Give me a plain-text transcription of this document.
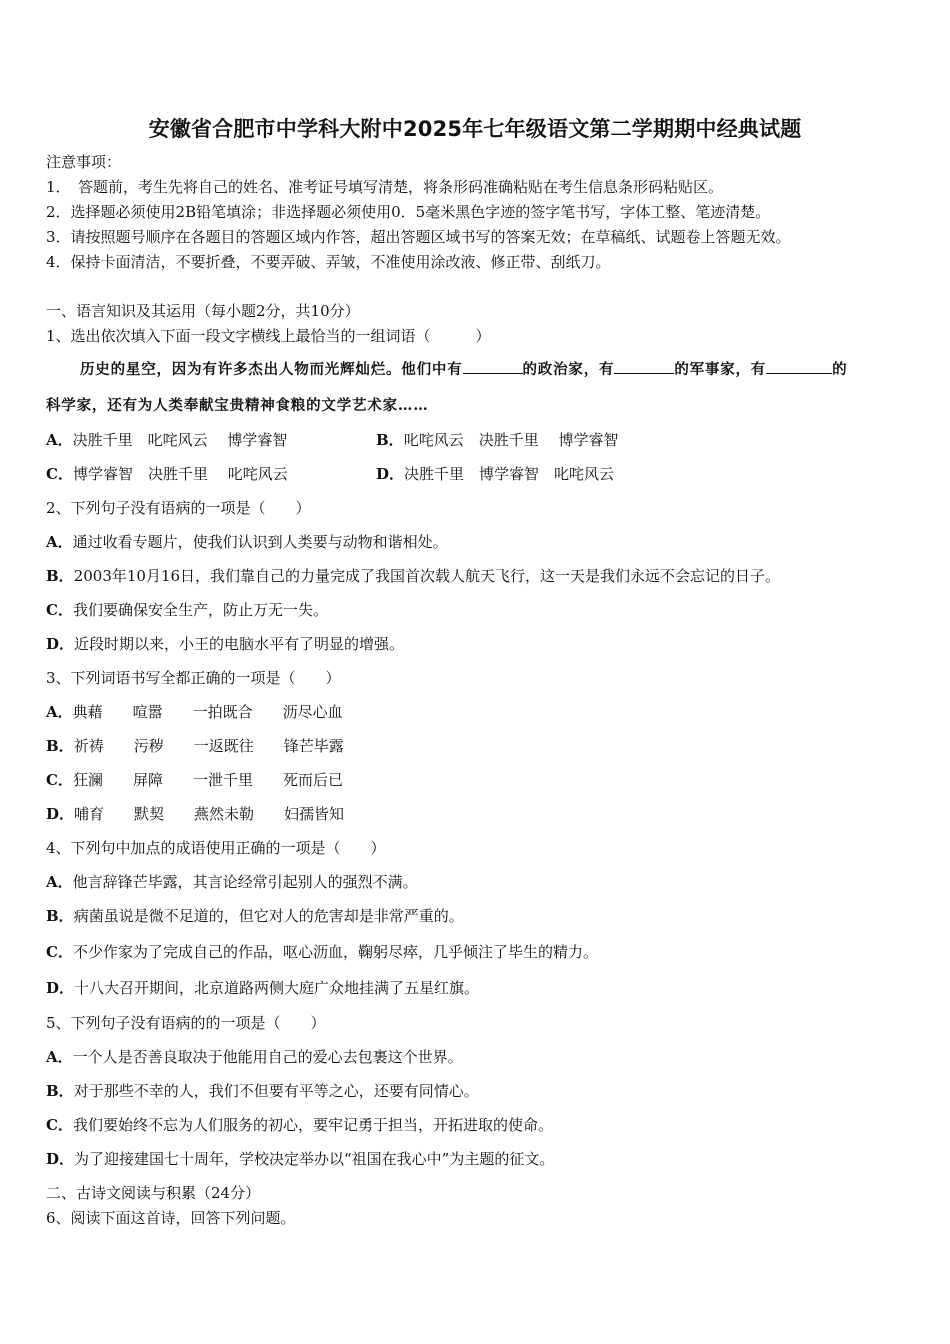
安徽省合肥市中学科大附中2025年七年级语文第二学期期中经典试题
注意事项：
1．　答题前，考生先将自己的姓名、准考证号填写清楚，将条形码准确粘贴在考生信息条形码粘贴区。
2．选择题必须使用2B铅笔填涂；非选择题必须使用0．5毫米黑色字迹的签字笔书写，字体工整、笔迹清楚。
3．请按照题号顺序在各题目的答题区域内作答，超出答题区域书写的答案无效；在草稿纸、试题卷上答题无效。
4．保持卡面清洁，不要折叠，不要弄破、弄皱，不准使用涂改液、修正带、刮纸刀。
一、语言知识及其运用（每小题2分，共10分）
1、选出依次填入下面一段文字横线上最恰当的一组词语（　　　）
历史的星空，因为有许多杰出人物而光辉灿烂。他们中有	的政治家，有	的军事家，有	的
科学家，还有为人类奉献宝贵精神食粮的文学艺术家……
A．决胜千里　叱咤风云　 博学睿智	B．叱咤风云　决胜千里　 博学睿智
C．博学睿智　决胜千里　 叱咤风云	D．决胜千里　博学睿智　叱咤风云
2、下列句子没有语病的一项是（　　）
A．通过收看专题片，使我们认识到人类要与动物和谐相处。
B．2003年10月16日，我们靠自己的力量完成了我国首次载人航天飞行，这一天是我们永远不会忘记的日子。
C．我们要确保安全生产，防止万无一失。
D．近段时期以来，小王的电脑水平有了明显的增强。
3、下列词语书写全都正确的一项是（　　）
A．典藉　　喧嚣　　一拍既合　　沥尽心血
B．祈祷　　污秽　　一返既往　　锋芒毕露
C．狂澜　　屏障　　一泄千里　　死而后已
D．哺育　　默契　　燕然未勒　　妇孺皆知
4、下列句中加点的成语使用正确的一项是（　　）
A．他言辞锋芒毕露，其言论经常引起别人的强烈不满。
B．病菌虽说是微不足道的，但它对人的危害却是非常严重的。
C．不少作家为了完成自己的作品，呕心沥血，鞠躬尽瘁，几乎倾注了毕生的精力。
D．十八大召开期间，北京道路两侧大庭广众地挂满了五星红旗。
5、下列句子没有语病的的一项是（　　）
A．一个人是否善良取决于他能用自己的爱心去包裹这个世界。
B．对于那些不幸的人，我们不但要有平等之心，还要有同情心。
C．我们要始终不忘为人们服务的初心，要牢记勇于担当，开拓进取的使命。
D．为了迎接建国七十周年，学校决定举办以“祖国在我心中”为主题的征文。
二、古诗文阅读与积累（24分）
6、阅读下面这首诗，回答下列问题。
